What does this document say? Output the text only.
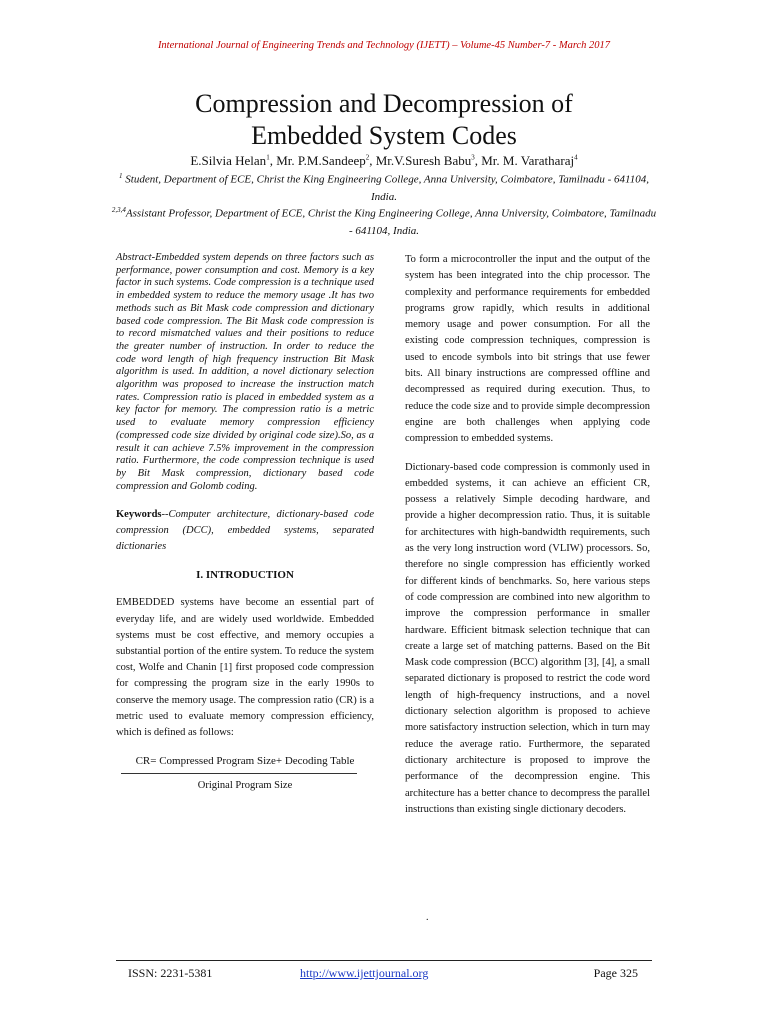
International Journal of Engineering Trends and Technology (IJETT) – Volume-45 Number-7 - March 2017
Compression and Decompression of
Embedded System Codes
E.Silvia Helan$^1$, Mr. P.M.Sandeep$^2$, Mr.V.Suresh Babu$^3$, Mr. M. Varatharaj$^4$
$^1$ Student, Department of ECE, Christ the King Engineering College, Anna University, Coimbatore, Tamilnadu - 641104, India.
$^{2,3,4}$Assistant Professor, Department of ECE, Christ the King Engineering College, Anna University, Coimbatore, Tamilnadu - 641104, India.

Abstract-Embedded system depends on three factors such as performance, power consumption and cost. Memory is a key factor in such systems. Code compression is a technique used in embedded system to reduce the memory usage .It has two methods such as Bit Mask code compression and dictionary based code compression. The Bit Mask code compression is to record mismatched values and their positions to reduce the greater number of instruction. In order to reduce the code word length of high frequency instruction Bit Mask algorithm is used. In addition, a novel dictionary selection algorithm was proposed to increase the instruction match rates. Compression ratio is placed in embedded system as a key factor for memory. The compression ratio is a metric used to evaluate memory compression efficiency (compressed code size divided by original code size).So, as a result it can achieve 7.5% improvement in the compression ratio. Furthermore, the code compression technique is used by Bit Mask compression, dictionary based code compression and Golomb coding.

Keywords--Computer architecture, dictionary-based code compression (DCC), embedded systems, separated dictionaries

I. INTRODUCTION

EMBEDDED systems have become an essential part of everyday life, and are widely used worldwide. Embedded systems must be cost effective, and memory occupies a substantial portion of the entire system. To reduce the system cost, Wolfe and Chanin [1] first proposed code compression for compressing the program size in the early 1990s to conserve the memory usage. The compression ratio (CR) is a metric used to evaluate memory compression efficiency, which is defined as follows:

CR= Compressed Program Size+ Decoding Table
Original Program Size

To form a microcontroller the input and the output of the system has been integrated into the chip processor. The complexity and performance requirements for embedded programs grow rapidly, which results in additional memory usage and power consumption. For all the existing code compression techniques, compression is used to encode symbols into bit strings that use fewer bits. All binary instructions are compressed offline and decompressed as required during execution. Thus, to reduce the code size and to provide simple decompression engine are both challenges when applying code compression to embedded systems.

Dictionary-based code compression is commonly used in embedded systems, it can achieve an efficient CR, possess a relatively Simple decoding hardware, and provide a higher decompression ratio. Thus, it is suitable for architectures with high-bandwidth requirements, such as the very long instruction word (VLIW) processors. So, therefore no single compression has efficiently worked for different kinds of benchmarks. So, here various steps of code compression are combined into new algorithm to improve the compression performance in smaller hardware. Efficient bitmask selection technique that can create a large set of matching patterns. Based on the Bit Mask code compression (BCC) algorithm [3], [4], a small separated dictionary is proposed to restrict the code word length of high-frequency instructions, and a novel dictionary selection algorithm is proposed to achieve more satisfactory instruction selection, which in turn may reduce the average ratio. Furthermore, the separated dictionary architecture is proposed to improve the performance of the decompression engine. This architecture has a better chance to decompress the parallel instructions than existing single dictionary decoders.

.
ISSN: 2231-5381	http://www.ijettjournal.org	Page 325
